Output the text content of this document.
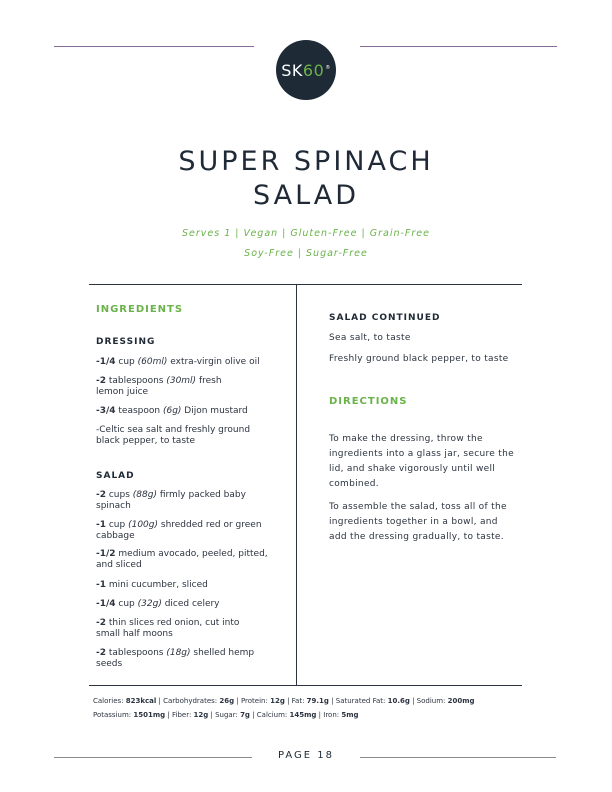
SK60®
SUPER SPINACH
SALAD
Serves 1 | Vegan | Gluten-Free | Grain-Free
Soy-Free | Sugar-Free
INGREDIENTS
DRESSING
-1/4 cup (60ml) extra-virgin olive oil
-2 tablespoons (30ml) fresh lemon juice
-3/4 teaspoon (6g) Dijon mustard
-Celtic sea salt and freshly ground black pepper, to taste
SALAD
-2 cups (88g) firmly packed baby spinach
-1 cup (100g) shredded red or green cabbage
-1/2 medium avocado, peeled, pitted, and sliced
-1 mini cucumber, sliced
-1/4 cup (32g) diced celery
-2 thin slices red onion, cut into small half moons
-2 tablespoons (18g) shelled hemp seeds
SALAD CONTINUED
Sea salt, to taste
Freshly ground black pepper, to taste
DIRECTIONS
To make the dressing, throw the ingredients into a glass jar, secure the lid, and shake vigorously until well combined.
To assemble the salad, toss all of the ingredients together in a bowl, and add the dressing gradually, to taste.
Calories: 823kcal | Carbohydrates: 26g | Protein: 12g | Fat: 79.1g | Saturated Fat: 10.6g | Sodium: 200mg
Potassium: 1501mg | Fiber: 12g | Sugar: 7g | Calcium: 145mg | Iron: 5mg
PAGE 18
